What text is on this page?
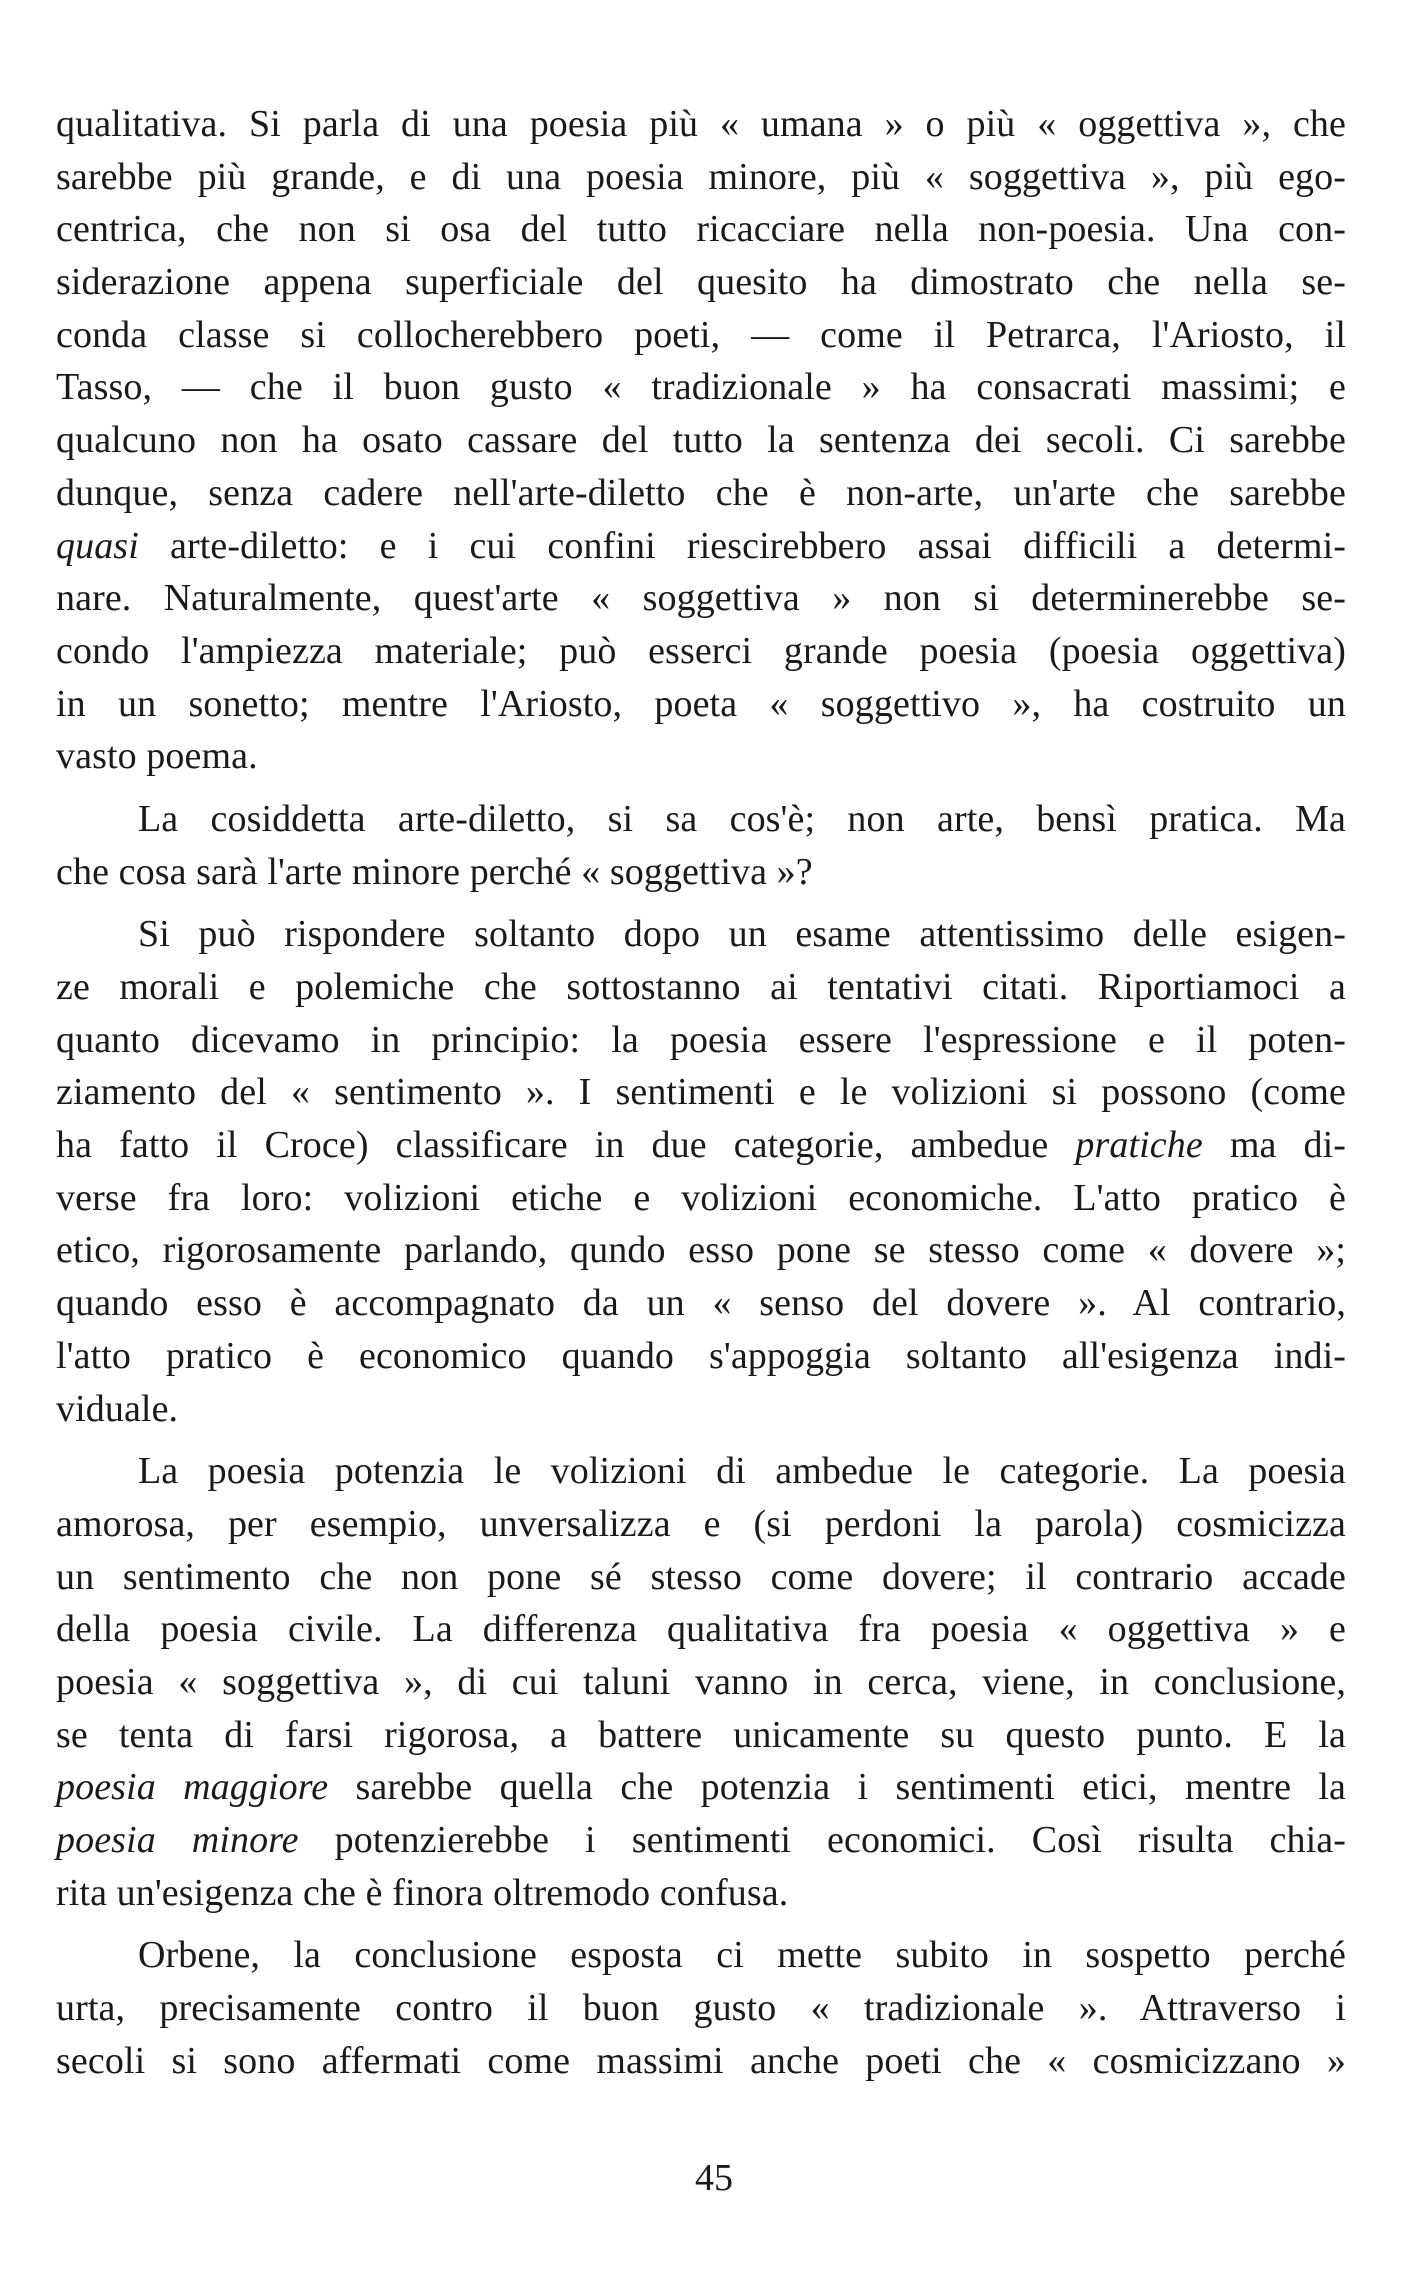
qualitativa. Si parla di una poesia più « umana » o più « oggettiva », che
sarebbe più grande, e di una poesia minore, più « soggettiva », più ego-
centrica, che non si osa del tutto ricacciare nella non-poesia. Una con-
siderazione appena superficiale del quesito ha dimostrato che nella se-
conda classe si collocherebbero poeti, — come il Petrarca, l'Ariosto, il
Tasso, — che il buon gusto « tradizionale » ha consacrati massimi; e
qualcuno non ha osato cassare del tutto la sentenza dei secoli. Ci sarebbe
dunque, senza cadere nell'arte-diletto che è non-arte, un'arte che sarebbe
quasi arte-diletto: e i cui confini riescirebbero assai difficili a determi-
nare. Naturalmente, quest'arte « soggettiva » non si determinerebbe se-
condo l'ampiezza materiale; può esserci grande poesia (poesia oggettiva)
in un sonetto; mentre l'Ariosto, poeta « soggettivo », ha costruito un
vasto poema.
La cosiddetta arte-diletto, si sa cos'è; non arte, bensì pratica. Ma
che cosa sarà l'arte minore perché « soggettiva »?
Si può rispondere soltanto dopo un esame attentissimo delle esigen-
ze morali e polemiche che sottostanno ai tentativi citati. Riportiamoci a
quanto dicevamo in principio: la poesia essere l'espressione e il poten-
ziamento del « sentimento ». I sentimenti e le volizioni si possono (come
ha fatto il Croce) classificare in due categorie, ambedue pratiche ma di-
verse fra loro: volizioni etiche e volizioni economiche. L'atto pratico è
etico, rigorosamente parlando, qundo esso pone se stesso come « dovere »;
quando esso è accompagnato da un « senso del dovere ». Al contrario,
l'atto pratico è economico quando s'appoggia soltanto all'esigenza indi-
viduale.
La poesia potenzia le volizioni di ambedue le categorie. La poesia
amorosa, per esempio, unversalizza e (si perdoni la parola) cosmicizza
un sentimento che non pone sé stesso come dovere; il contrario accade
della poesia civile. La differenza qualitativa fra poesia « oggettiva » e
poesia « soggettiva », di cui taluni vanno in cerca, viene, in conclusione,
se tenta di farsi rigorosa, a battere unicamente su questo punto. E la
poesia maggiore sarebbe quella che potenzia i sentimenti etici, mentre la
poesia minore potenzierebbe i sentimenti economici. Così risulta chia-
rita un'esigenza che è finora oltremodo confusa.
Orbene, la conclusione esposta ci mette subito in sospetto perché
urta, precisamente contro il buon gusto « tradizionale ». Attraverso i
secoli si sono affermati come massimi anche poeti che « cosmicizzano »
45
